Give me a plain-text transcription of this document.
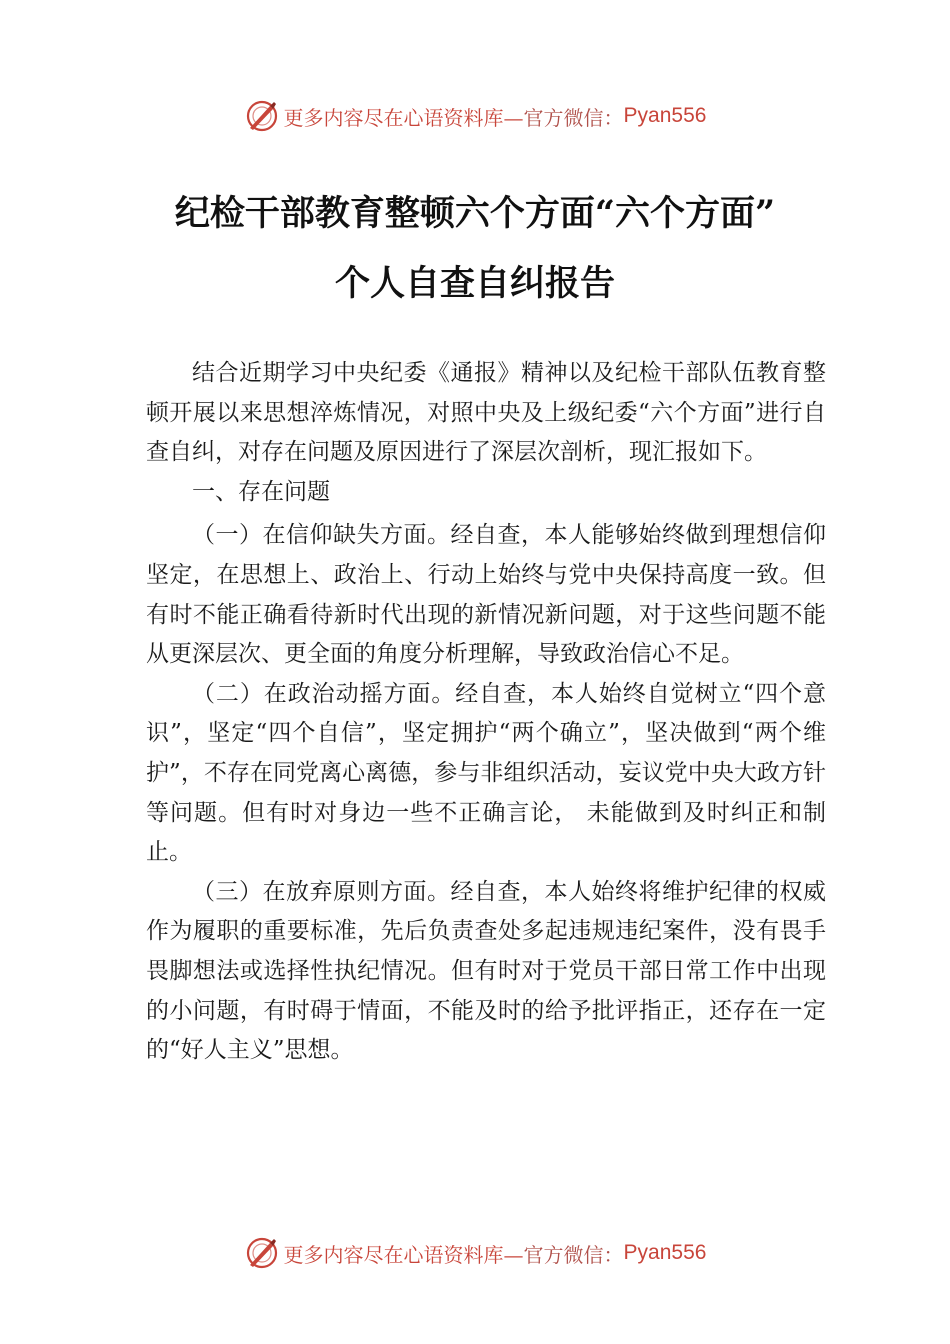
更多内容尽在心语资料库— 官方微信： Pyan556
纪检干部教育整顿六个方面“六个方面”
个人自查自纠报告

结合近期学习中央纪委《通报》精神以及纪检干部队伍教育整顿开展以来思想淬炼情况，对照中央及上级纪委“六个方面”进行自查自纠，对存在问题及原因进行了深层次剖析，现汇报如下。

一、存在问题

（一）在信仰缺失方面。经自查，本人能够始终做到理想信仰坚定，在思想上、政治上、行动上始终与党中央保持高度一致。但有时不能正确看待新时代出现的新情况新问题，对于这些问题不能从更深层次、更全面的角度分析理解，导致政治信心不足。

（二）在政治动摇方面。经自查，本人始终自觉树立“四个意识”，坚定“四个自信”，坚定拥护“两个确立”，坚决做到“两个维护”，不存在同党离心离德，参与非组织活动，妄议党中央大政方针等问题。但有时对身边一些不正确言论， 未能做到及时纠正和制止。

（三）在放弃原则方面。经自查，本人始终将维护纪律的权威作为履职的重要标准，先后负责查处多起违规违纪案件，没有畏手畏脚想法或选择性执纪情况。但有时对于党员干部日常工作中出现的小问题，有时碍于情面，不能及时的给予批评指正，还存在一定的“好人主义”思想。

更多内容尽在心语资料库— 官方微信： Pyan556
